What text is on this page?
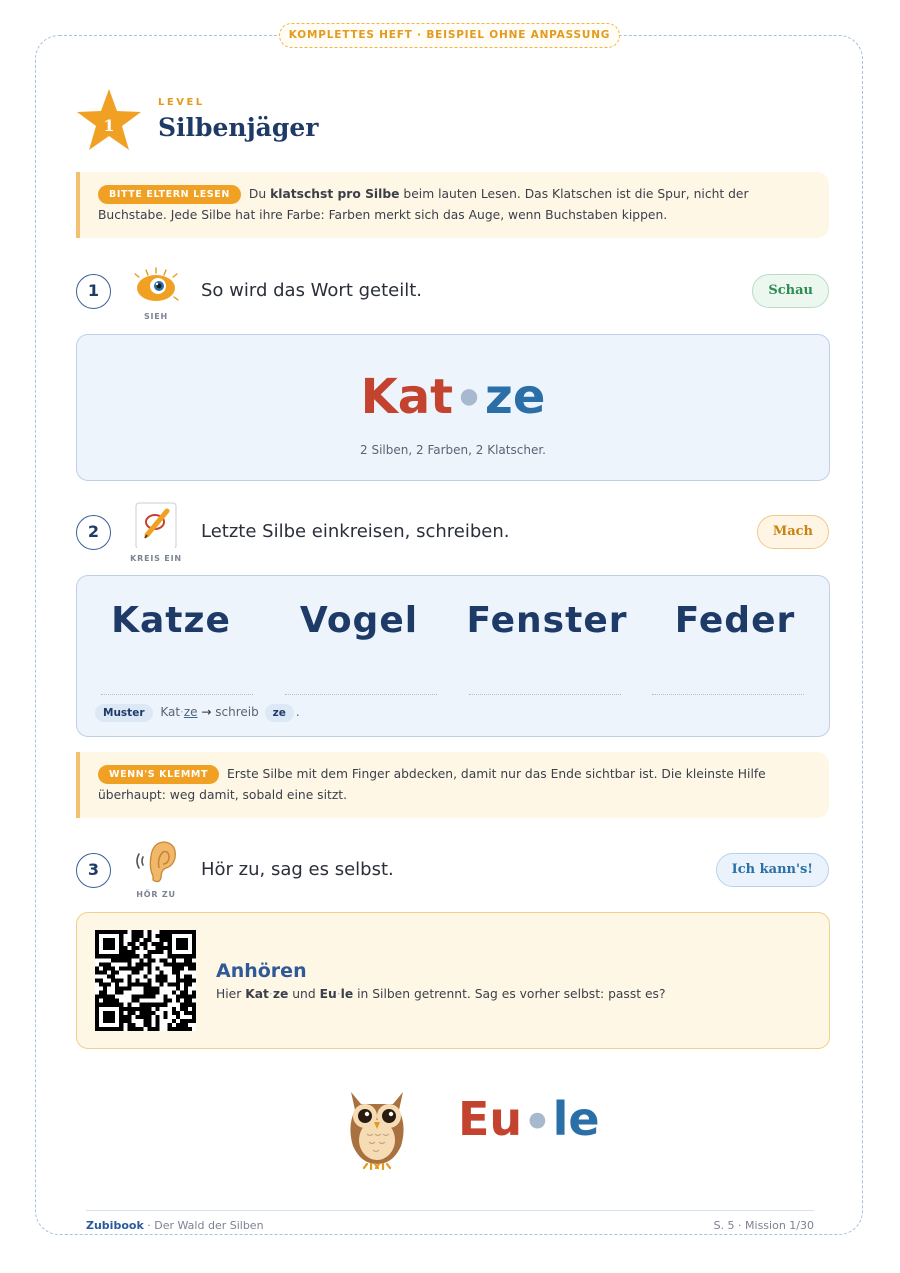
KOMPLETTES HEFT · BEISPIEL OHNE ANPASSUNG
1
LEVEL
Silbenjäger
BITTE ELTERN LESEN Du klatschst pro Silbe beim lauten Lesen. Das Klatschen ist die Spur, nicht der Buchstabe. Jede Silbe hat ihre Farbe: Farben merkt sich das Auge, wenn Buchstaben kippen.
1
SIEH
So wird das Wort geteilt.	Schau
Kat ● ze
2 Silben, 2 Farben, 2 Klatscher.
2
KREIS EIN
Letzte Silbe einkreisen, schreiben.	Mach
Katze	Vogel	Fenster	Feder
Muster Kat·ze → schreib ze .
WENN'S KLEMMT Erste Silbe mit dem Finger abdecken, damit nur das Ende sichtbar ist. Die kleinste Hilfe überhaupt: weg damit, sobald eine sitzt.
3
HÖR ZU
Hör zu, sag es selbst.	Ich kann's!
Anhören
Hier Kat·ze und Eu·le in Silben getrennt. Sag es vorher selbst: passt es?
Eu ● le
Zubibook · Der Wald der Silben	S. 5 · Mission 1/30
